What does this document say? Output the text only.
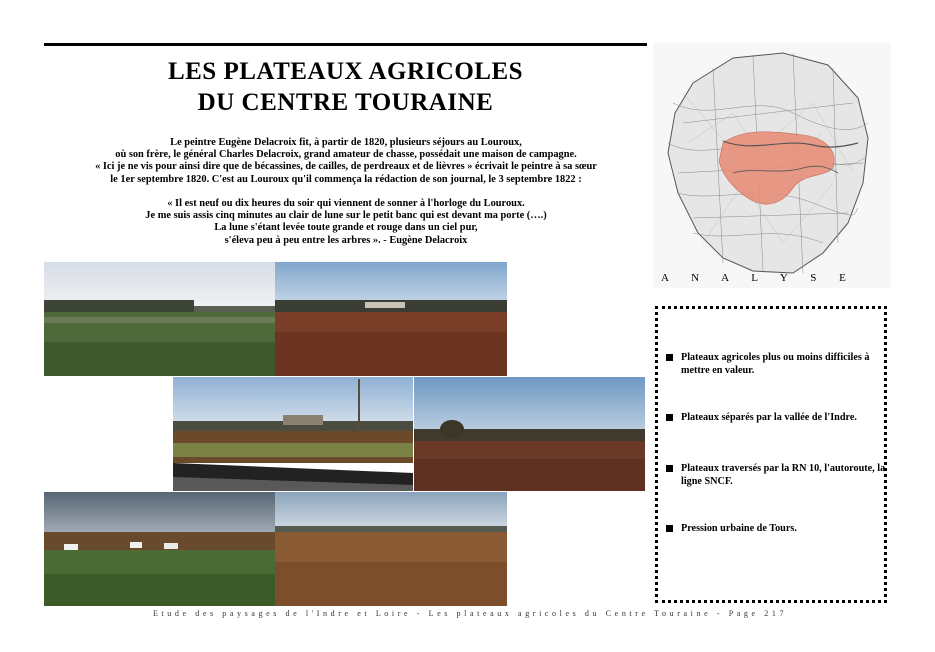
LES PLATEAUX AGRICOLES
DU CENTRE TOURAINE
Le peintre Eugène Delacroix fit, à partir de 1820, plusieurs séjours au Louroux,
où son frère, le général Charles Delacroix, grand amateur de chasse, possédait une maison de campagne.
« Ici je ne vis pour ainsi dire que de bécassines, de cailles, de perdreaux et de lièvres » écrivait le peintre à sa sœur
le 1er septembre 1820. C'est au Louroux qu'il commença la rédaction de son journal, le 3 septembre 1822 :
« Il est neuf ou dix heures du soir qui viennent de sonner à l'horloge du Louroux.
Je me suis assis cinq minutes au clair de lune sur le petit banc qui est devant ma porte (….)
La lune s'étant levée toute grande et rouge dans un ciel pur,
s'éleva peu à peu entre les arbres ». - Eugène Delacroix
A N A L Y S E
Plateaux agricoles plus ou moins difficiles à mettre en valeur.
Plateaux séparés par la vallée de l'Indre.
Plateaux traversés par la RN 10, l'autoroute, la ligne SNCF.
Pression urbaine de Tours.
Etude des paysages de l'Indre et Loire - Les plateaux agricoles du Centre Touraine - Page 217
